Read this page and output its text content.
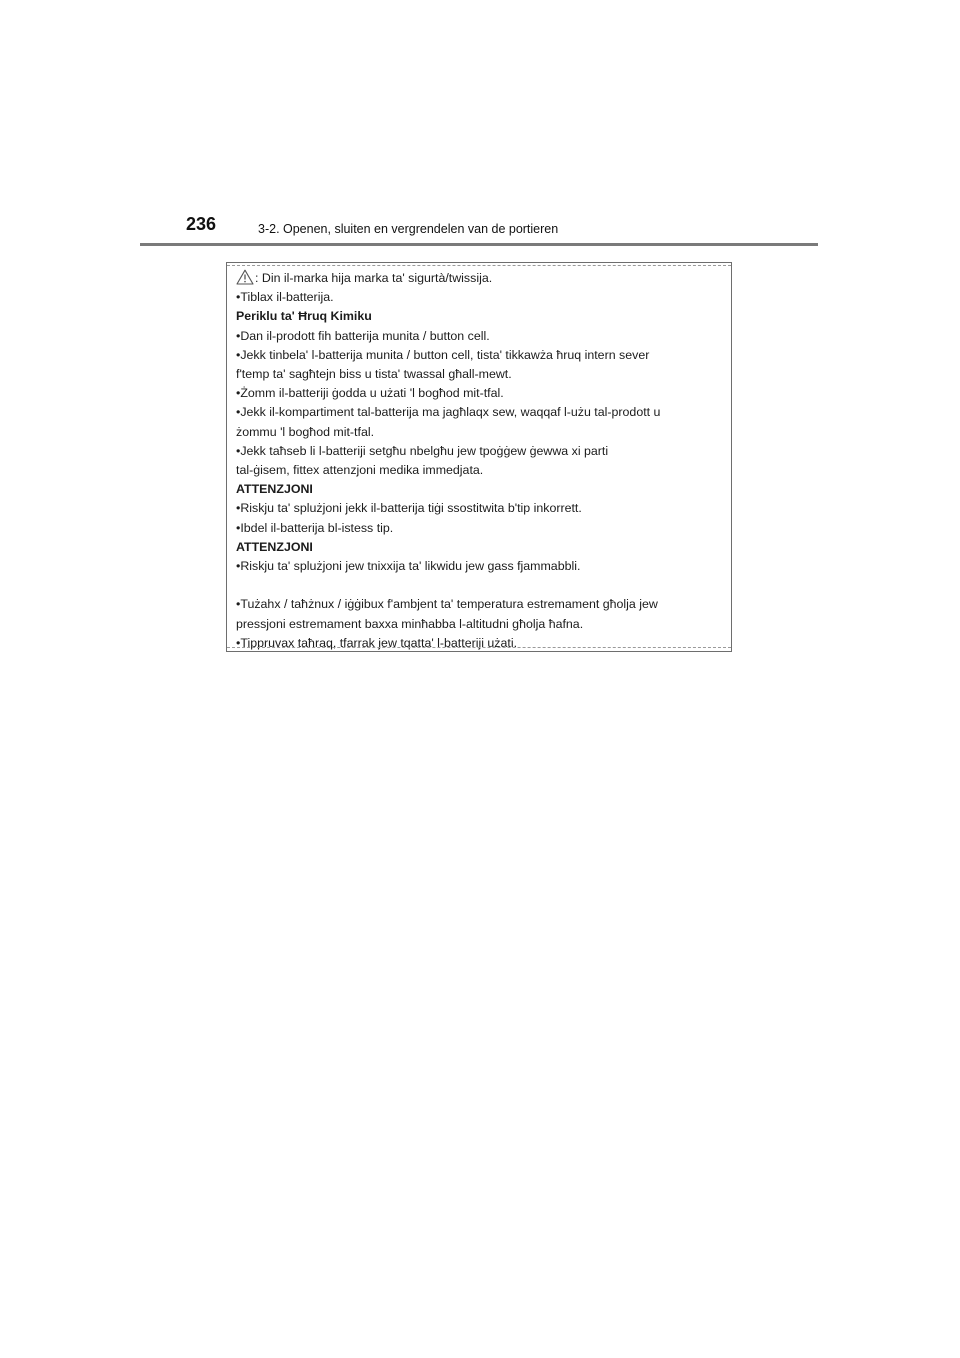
236	3-2. Openen, sluiten en vergrendelen van de portieren
: Din il-marka hija marka ta' sigurtà/twissija.
•Tiblax il-batterija.
Periklu ta' Ħruq Kimiku
•Dan il-prodott fih batterija munita / button cell.
•Jekk tinbela' l-batterija munita / button cell, tista' tikkawża ħruq intern sever
f'temp ta' sagħtejn biss u tista' twassal għall-mewt.
•Żomm il-batteriji ġodda u użati 'l bogħod mit-tfal.
•Jekk il-kompartiment tal-batterija ma jagħlaqx sew, waqqaf l-użu tal-prodott u
żommu 'l bogħod mit-tfal.
•Jekk taħseb li l-batteriji setgħu nbelgħu jew tpoġġew ġewwa xi parti
tal-ġisem, fittex attenzjoni medika immedjata.
ATTENZJONI
•Riskju ta' splużjoni jekk il-batterija tiġi ssostitwita b'tip inkorrett.
•Ibdel il-batterija bl-istess tip.
ATTENZJONI
•Riskju ta' splużjoni jew tnixxija ta' likwidu jew gass fjammabbli.
•Tużahx / taħżnux / iġġibux f'ambjent ta' temperatura estremament għolja jew
pressjoni estremament baxxa minħabba l-altitudni għolja ħafna.
•Tippruvax taħraq, tfarrak jew tqatta' l-batteriji użati.
